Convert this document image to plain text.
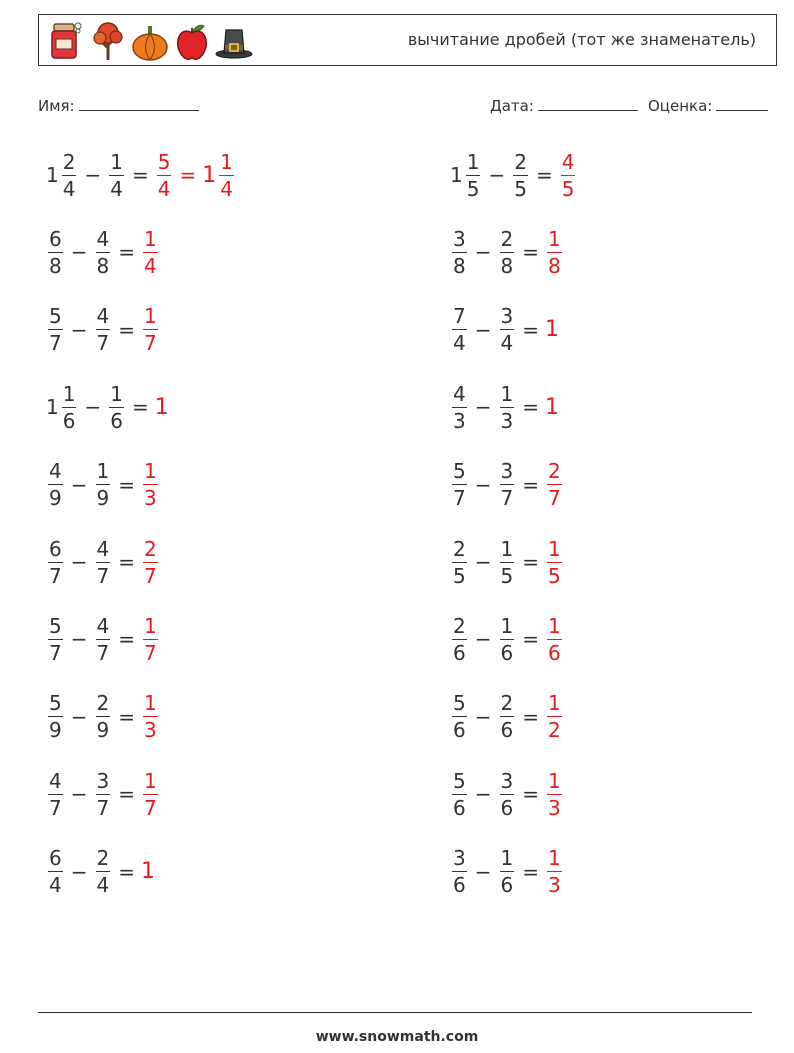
вычитание дробей (тот же знаменатель)
Имя:	Дата:	Оценка:
$1 \frac{2}{4} - \frac{1}{4} = \frac{5}{4} = 1 \frac{1}{4}$	$1 \frac{1}{5} - \frac{2}{5} = \frac{4}{5}$
$\frac{6}{8} - \frac{4}{8} = \frac{1}{4}$	$\frac{3}{8} - \frac{2}{8} = \frac{1}{8}$
$\frac{5}{7} - \frac{4}{7} = \frac{1}{7}$	$\frac{7}{4} - \frac{3}{4} = 1$
$1 \frac{1}{6} - \frac{1}{6} = 1$	$\frac{4}{3} - \frac{1}{3} = 1$
$\frac{4}{9} - \frac{1}{9} = \frac{1}{3}$	$\frac{5}{7} - \frac{3}{7} = \frac{2}{7}$
$\frac{6}{7} - \frac{4}{7} = \frac{2}{7}$	$\frac{2}{5} - \frac{1}{5} = \frac{1}{5}$
$\frac{5}{7} - \frac{4}{7} = \frac{1}{7}$	$\frac{2}{6} - \frac{1}{6} = \frac{1}{6}$
$\frac{5}{9} - \frac{2}{9} = \frac{1}{3}$	$\frac{5}{6} - \frac{2}{6} = \frac{1}{2}$
$\frac{4}{7} - \frac{3}{7} = \frac{1}{7}$	$\frac{5}{6} - \frac{3}{6} = \frac{1}{3}$
$\frac{6}{4} - \frac{2}{4} = 1$	$\frac{3}{6} - \frac{1}{6} = \frac{1}{3}$
www.snowmath.com
